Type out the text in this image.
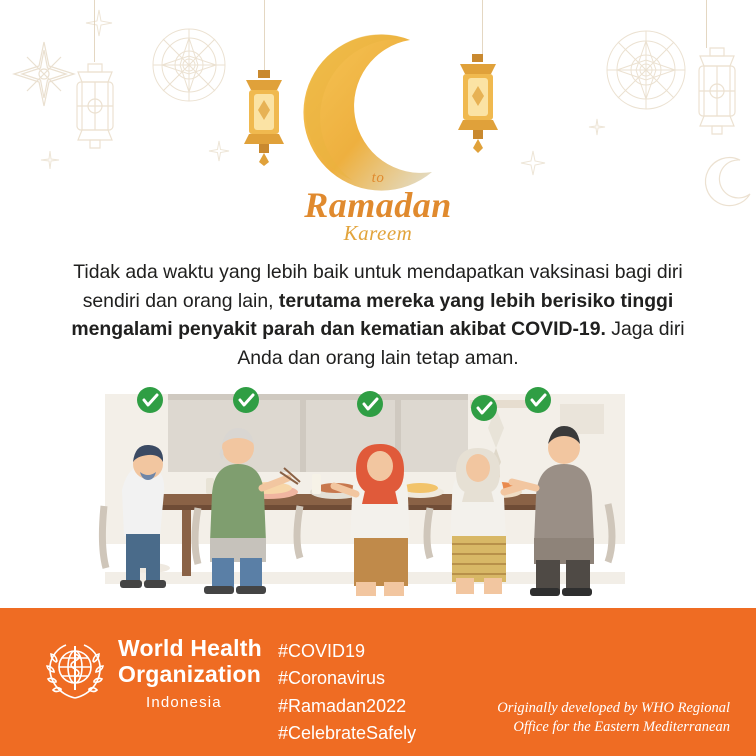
to
Ramadan
Kareem
Tidak ada waktu yang lebih baik untuk mendapatkan vaksinasi bagi diri sendiri dan orang lain, terutama mereka yang lebih berisiko tinggi mengalami penyakit parah dan kematian akibat COVID-19. Jaga diri Anda dan orang lain tetap aman.
World Health
Organization
Indonesia
#COVID19
#Coronavirus
#Ramadan2022
#CelebrateSafely
Originally developed by WHO Regional
Office for the Eastern Mediterranean
